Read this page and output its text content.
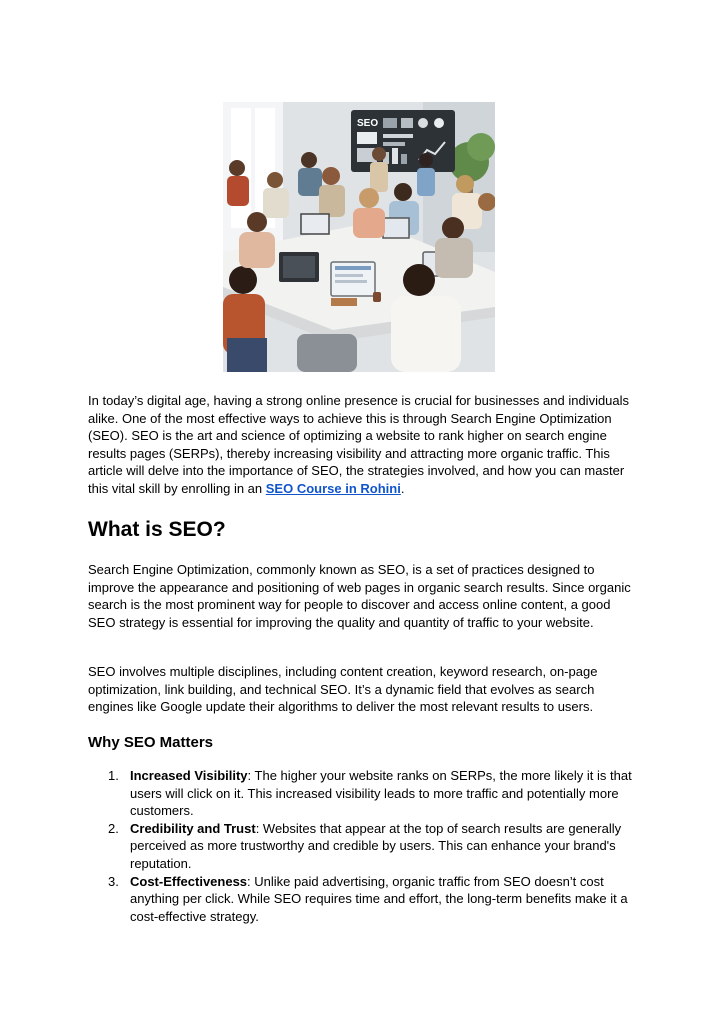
SEO

In today’s digital age, having a strong online presence is crucial for businesses and individuals alike. One of the most effective ways to achieve this is through Search Engine Optimization (SEO). SEO is the art and science of optimizing a website to rank higher on search engine results pages (SERPs), thereby increasing visibility and attracting more organic traffic. This article will delve into the importance of SEO, the strategies involved, and how you can master this vital skill by enrolling in an SEO Course in Rohini.

What is SEO?

Search Engine Optimization, commonly known as SEO, is a set of practices designed to improve the appearance and positioning of web pages in organic search results. Since organic search is the most prominent way for people to discover and access online content, a good SEO strategy is essential for improving the quality and quantity of traffic to your website.

SEO involves multiple disciplines, including content creation, keyword research, on-page optimization, link building, and technical SEO. It’s a dynamic field that evolves as search engines like Google update their algorithms to deliver the most relevant results to users.

Why SEO Matters
1. Increased Visibility: The higher your website ranks on SERPs, the more likely it is that users will click on it. This increased visibility leads to more traffic and potentially more customers.
2. Credibility and Trust: Websites that appear at the top of search results are generally perceived as more trustworthy and credible by users. This can enhance your brand's reputation.
3. Cost-Effectiveness: Unlike paid advertising, organic traffic from SEO doesn’t cost anything per click. While SEO requires time and effort, the long-term benefits make it a cost-effective strategy.
